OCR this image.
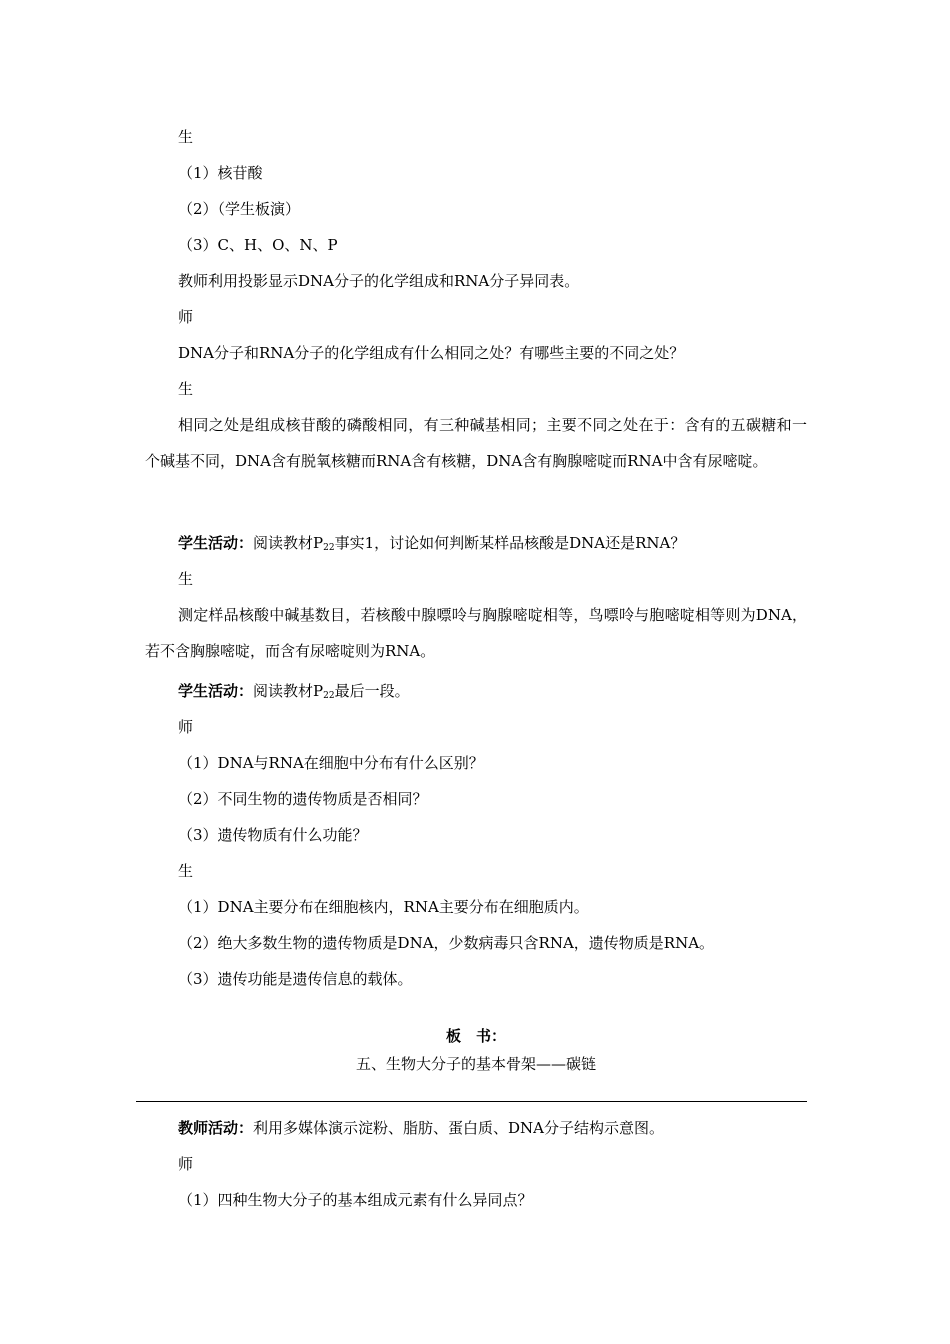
生
（1）核苷酸
（2）（学生板演）
（3）C、H、O、N、P
教师利用投影显示DNA分子的化学组成和RNA分子异同表。
师
DNA分子和RNA分子的化学组成有什么相同之处？有哪些主要的不同之处？
生
相同之处是组成核苷酸的磷酸相同，有三种碱基相同；主要不同之处在于：含有的五碳糖和一个碱基不同，DNA含有脱氧核糖而RNA含有核糖，DNA含有胸腺嘧啶而RNA中含有尿嘧啶。
学生活动：阅读教材$P_{22}$事实1，讨论如何判断某样品核酸是DNA还是RNA？
生
测定样品核酸中碱基数目，若核酸中腺嘌呤与胸腺嘧啶相等，鸟嘌呤与胞嘧啶相等则为DNA，若不含胸腺嘧啶，而含有尿嘧啶则为RNA。
学生活动：阅读教材$P_{22}$最后一段。
师
（1）DNA与RNA在细胞中分布有什么区别？
（2）不同生物的遗传物质是否相同？
（3）遗传物质有什么功能？
生
（1）DNA主要分布在细胞核内，RNA主要分布在细胞质内。
（2）绝大多数生物的遗传物质是DNA，少数病毒只含RNA，遗传物质是RNA。
（3）遗传功能是遗传信息的载体。
板　书：
五、生物大分子的基本骨架——碳链
教师活动：利用多媒体演示淀粉、脂肪、蛋白质、DNA分子结构示意图。
师
（1）四种生物大分子的基本组成元素有什么异同点？
